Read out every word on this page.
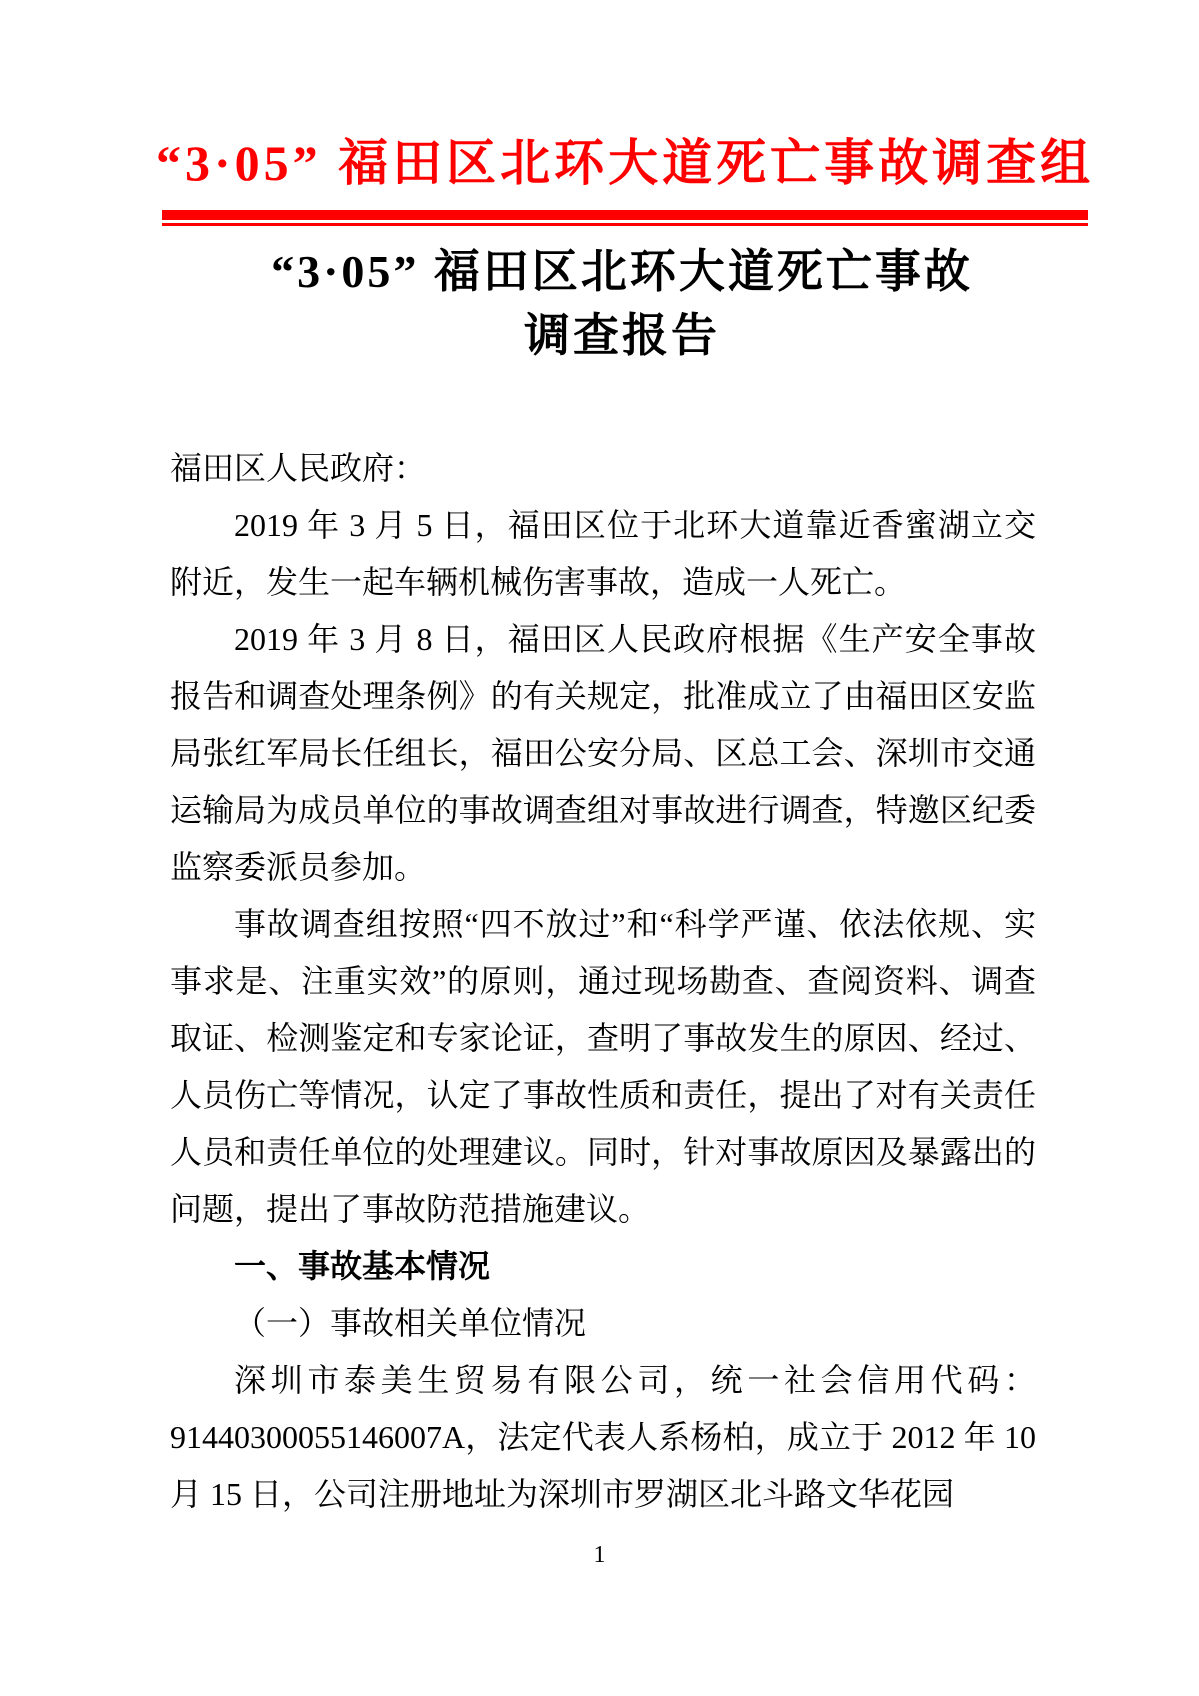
“3·05” 福田区北环大道死亡事故调查组
“3·05” 福田区北环大道死亡事故
调查报告

福田区人民政府：

2019 年 3 月 5 日，福田区位于北环大道靠近香蜜湖立交附近，发生一起车辆机械伤害事故，造成一人死亡。

2019 年 3 月 8 日，福田区人民政府根据《生产安全事故报告和调查处理条例》的有关规定，批准成立了由福田区安监局张红军局长任组长，福田公安分局、区总工会、深圳市交通运输局为成员单位的事故调查组对事故进行调查，特邀区纪委监察委派员参加。

事故调查组按照“四不放过”和“科学严谨、依法依规、实事求是、注重实效”的原则，通过现场勘查、查阅资料、调查取证、检测鉴定和专家论证，查明了事故发生的原因、经过、人员伤亡等情况，认定了事故性质和责任，提出了对有关责任人员和责任单位的处理建议。同时，针对事故原因及暴露出的问题，提出了事故防范措施建议。

一、事故基本情况

（一）事故相关单位情况

深圳市泰美生贸易有限公司，统一社会信用代码：91440300055146007A，法定代表人系杨柏，成立于 2012 年 10 月 15 日，公司注册地址为深圳市罗湖区北斗路文华花园

1
